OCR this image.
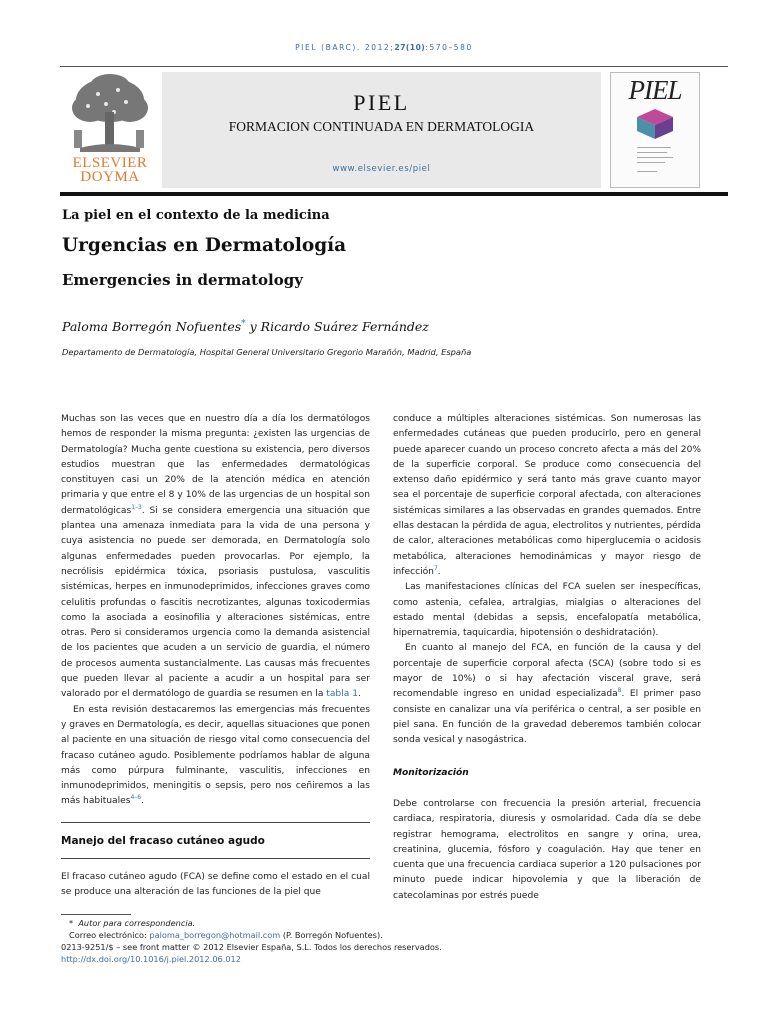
PIEL (BARC). 2012;27(10):570–580
ELSEVIER
DOYMA
PIEL
FORMACION CONTINUADA EN DERMATOLOGIA
www.elsevier.es/piel
PIEL
La piel en el contexto de la medicina
Urgencias en Dermatología
Emergencies in dermatology
Paloma Borregón Nofuentes* y Ricardo Suárez Fernández
Departamento de Dermatología, Hospital General Universitario Gregorio Marañón, Madrid, España

Muchas son las veces que en nuestro día a día los dermatólogos hemos de responder la misma pregunta: ¿existen las urgencias de Dermatología? Mucha gente cuestiona su existencia, pero diversos estudios muestran que las enfermedades dermatológicas constituyen casi un 20% de la atención médica en atención primaria y que entre el 8 y 10% de las urgencias de un hospital son dermatológicas$^{1-3}$. Si se considera emergencia una situación que plantea una amenaza inmediata para la vida de una persona y cuya asistencia no puede ser demorada, en Dermatología solo algunas enfermedades pueden provocarlas. Por ejemplo, la necrólisis epidérmica tóxica, psoriasis pustulosa, vasculitis sistémicas, herpes en inmunodeprimidos, infecciones graves como celulitis profundas o fascitis necrotizantes, algunas toxicodermias como la asociada a eosinofilia y alteraciones sistémicas, entre otras. Pero si consideramos urgencia como la demanda asistencial de los pacientes que acuden a un servicio de guardia, el número de procesos aumenta sustancialmente. Las causas más frecuentes que pueden llevar al paciente a acudir a un hospital para ser valorado por el dermatólogo de guardia se resumen en la tabla 1.

En esta revisión destacaremos las emergencias más frecuentes y graves en Dermatología, es decir, aquellas situaciones que ponen al paciente en una situación de riesgo vital como consecuencia del fracaso cutáneo agudo. Posiblemente podríamos hablar de alguna más como púrpura fulminante, vasculitis, infecciones en inmunodeprimidos, meningitis o sepsis, pero nos ceñiremos a las más habituales$^{4-6}$.

Manejo del fracaso cutáneo agudo

El fracaso cutáneo agudo (FCA) se define como el estado en el cual se produce una alteración de las funciones de la piel que

conduce a múltiples alteraciones sistémicas. Son numerosas las enfermedades cutáneas que pueden producirlo, pero en general puede aparecer cuando un proceso concreto afecta a más del 20% de la superficie corporal. Se produce como consecuencia del extenso daño epidérmico y será tanto más grave cuanto mayor sea el porcentaje de superficie corporal afectada, con alteraciones sistémicas similares a las observadas en grandes quemados. Entre ellas destacan la pérdida de agua, electrolitos y nutrientes, pérdida de calor, alteraciones metabólicas como hiperglucemia o acidosis metabólica, alteraciones hemodinámicas y mayor riesgo de infección$^7$.

Las manifestaciones clínicas del FCA suelen ser inespecíficas, como astenia, cefalea, artralgias, mialgias o alteraciones del estado mental (debidas a sepsis, encefalopatía metabólica, hipernatremia, taquicardia, hipotensión o deshidratación).

En cuanto al manejo del FCA, en función de la causa y del porcentaje de superficie corporal afecta (SCA) (sobre todo si es mayor de 10%) o si hay afectación visceral grave, será recomendable ingreso en unidad especializada$^8$. El primer paso consiste en canalizar una vía periférica o central, a ser posible en piel sana. En función de la gravedad deberemos también colocar sonda vesical y nasogástrica.

Monitorización

Debe controlarse con frecuencia la presión arterial, frecuencia cardiaca, respiratoria, diuresis y osmolaridad. Cada día se debe registrar hemograma, electrolitos en sangre y orina, urea, creatinina, glucemia, fósforo y coagulación. Hay que tener en cuenta que una frecuencia cardiaca superior a 120 pulsaciones por minuto puede indicar hipovolemia y que la liberación de catecolaminas por estrés puede

* Autor para correspondencia.
Correo electrónico: paloma_borregon@hotmail.com (P. Borregón Nofuentes).
0213-9251/$ – see front matter © 2012 Elsevier España, S.L. Todos los derechos reservados.
http://dx.doi.org/10.1016/j.piel.2012.06.012
